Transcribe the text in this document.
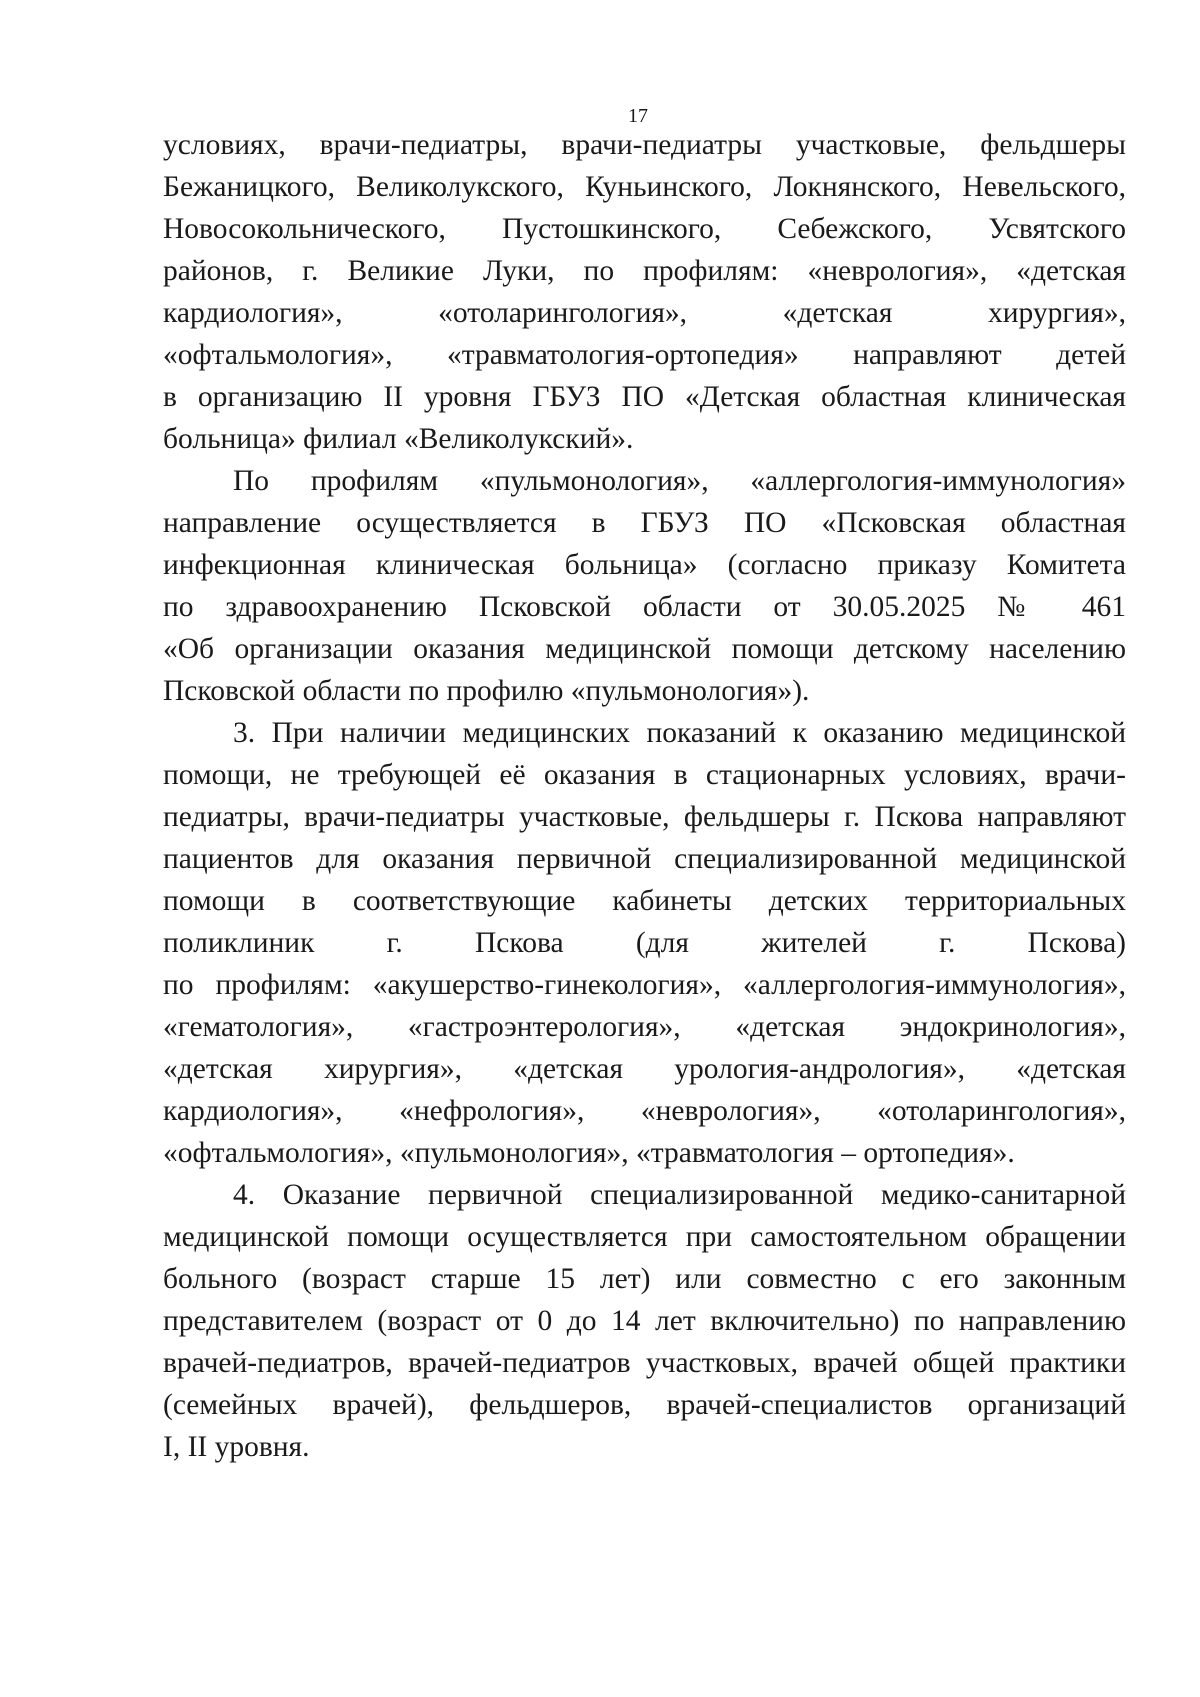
17
условиях, врачи-педиатры, врачи-педиатры участковые, фельдшеры
Бежаницкого, Великолукского, Куньинского, Локнянского, Невельского,
Новосокольнического, Пустошкинского, Себежского, Усвятского
районов, г. Великие Луки, по профилям: «неврология», «детская
кардиология», «отоларингология», «детская хирургия»,
«офтальмология», «травматология-ортопедия» направляют детей
в организацию II уровня ГБУЗ ПО «Детская областная клиническая
больница» филиал «Великолукский».
По профилям «пульмонология», «аллергология-иммунология»
направление осуществляется в ГБУЗ ПО «Псковская областная
инфекционная клиническая больница» (согласно приказу Комитета
по здравоохранению Псковской области от 30.05.2025 № 461
«Об организации оказания медицинской помощи детскому населению
Псковской области по профилю «пульмонология»).
3. При наличии медицинских показаний к оказанию медицинской
помощи, не требующей её оказания в стационарных условиях, врачи-
педиатры, врачи-педиатры участковые, фельдшеры г. Пскова направляют
пациентов для оказания первичной специализированной медицинской
помощи в соответствующие кабинеты детских территориальных
поликлиник г. Пскова (для жителей г. Пскова)
по профилям: «акушерство-гинекология», «аллергология-иммунология»,
«гематология», «гастроэнтерология», «детская эндокринология»,
«детская хирургия», «детская урология-андрология», «детская
кардиология», «нефрология», «неврология», «отоларингология»,
«офтальмология», «пульмонология», «травматология – ортопедия».
4. Оказание первичной специализированной медико-санитарной
медицинской помощи осуществляется при самостоятельном обращении
больного (возраст старше 15 лет) или совместно с его законным
представителем (возраст от 0 до 14 лет включительно) по направлению
врачей-педиатров, врачей-педиатров участковых, врачей общей практики
(семейных врачей), фельдшеров, врачей-специалистов организаций
I, II уровня.
